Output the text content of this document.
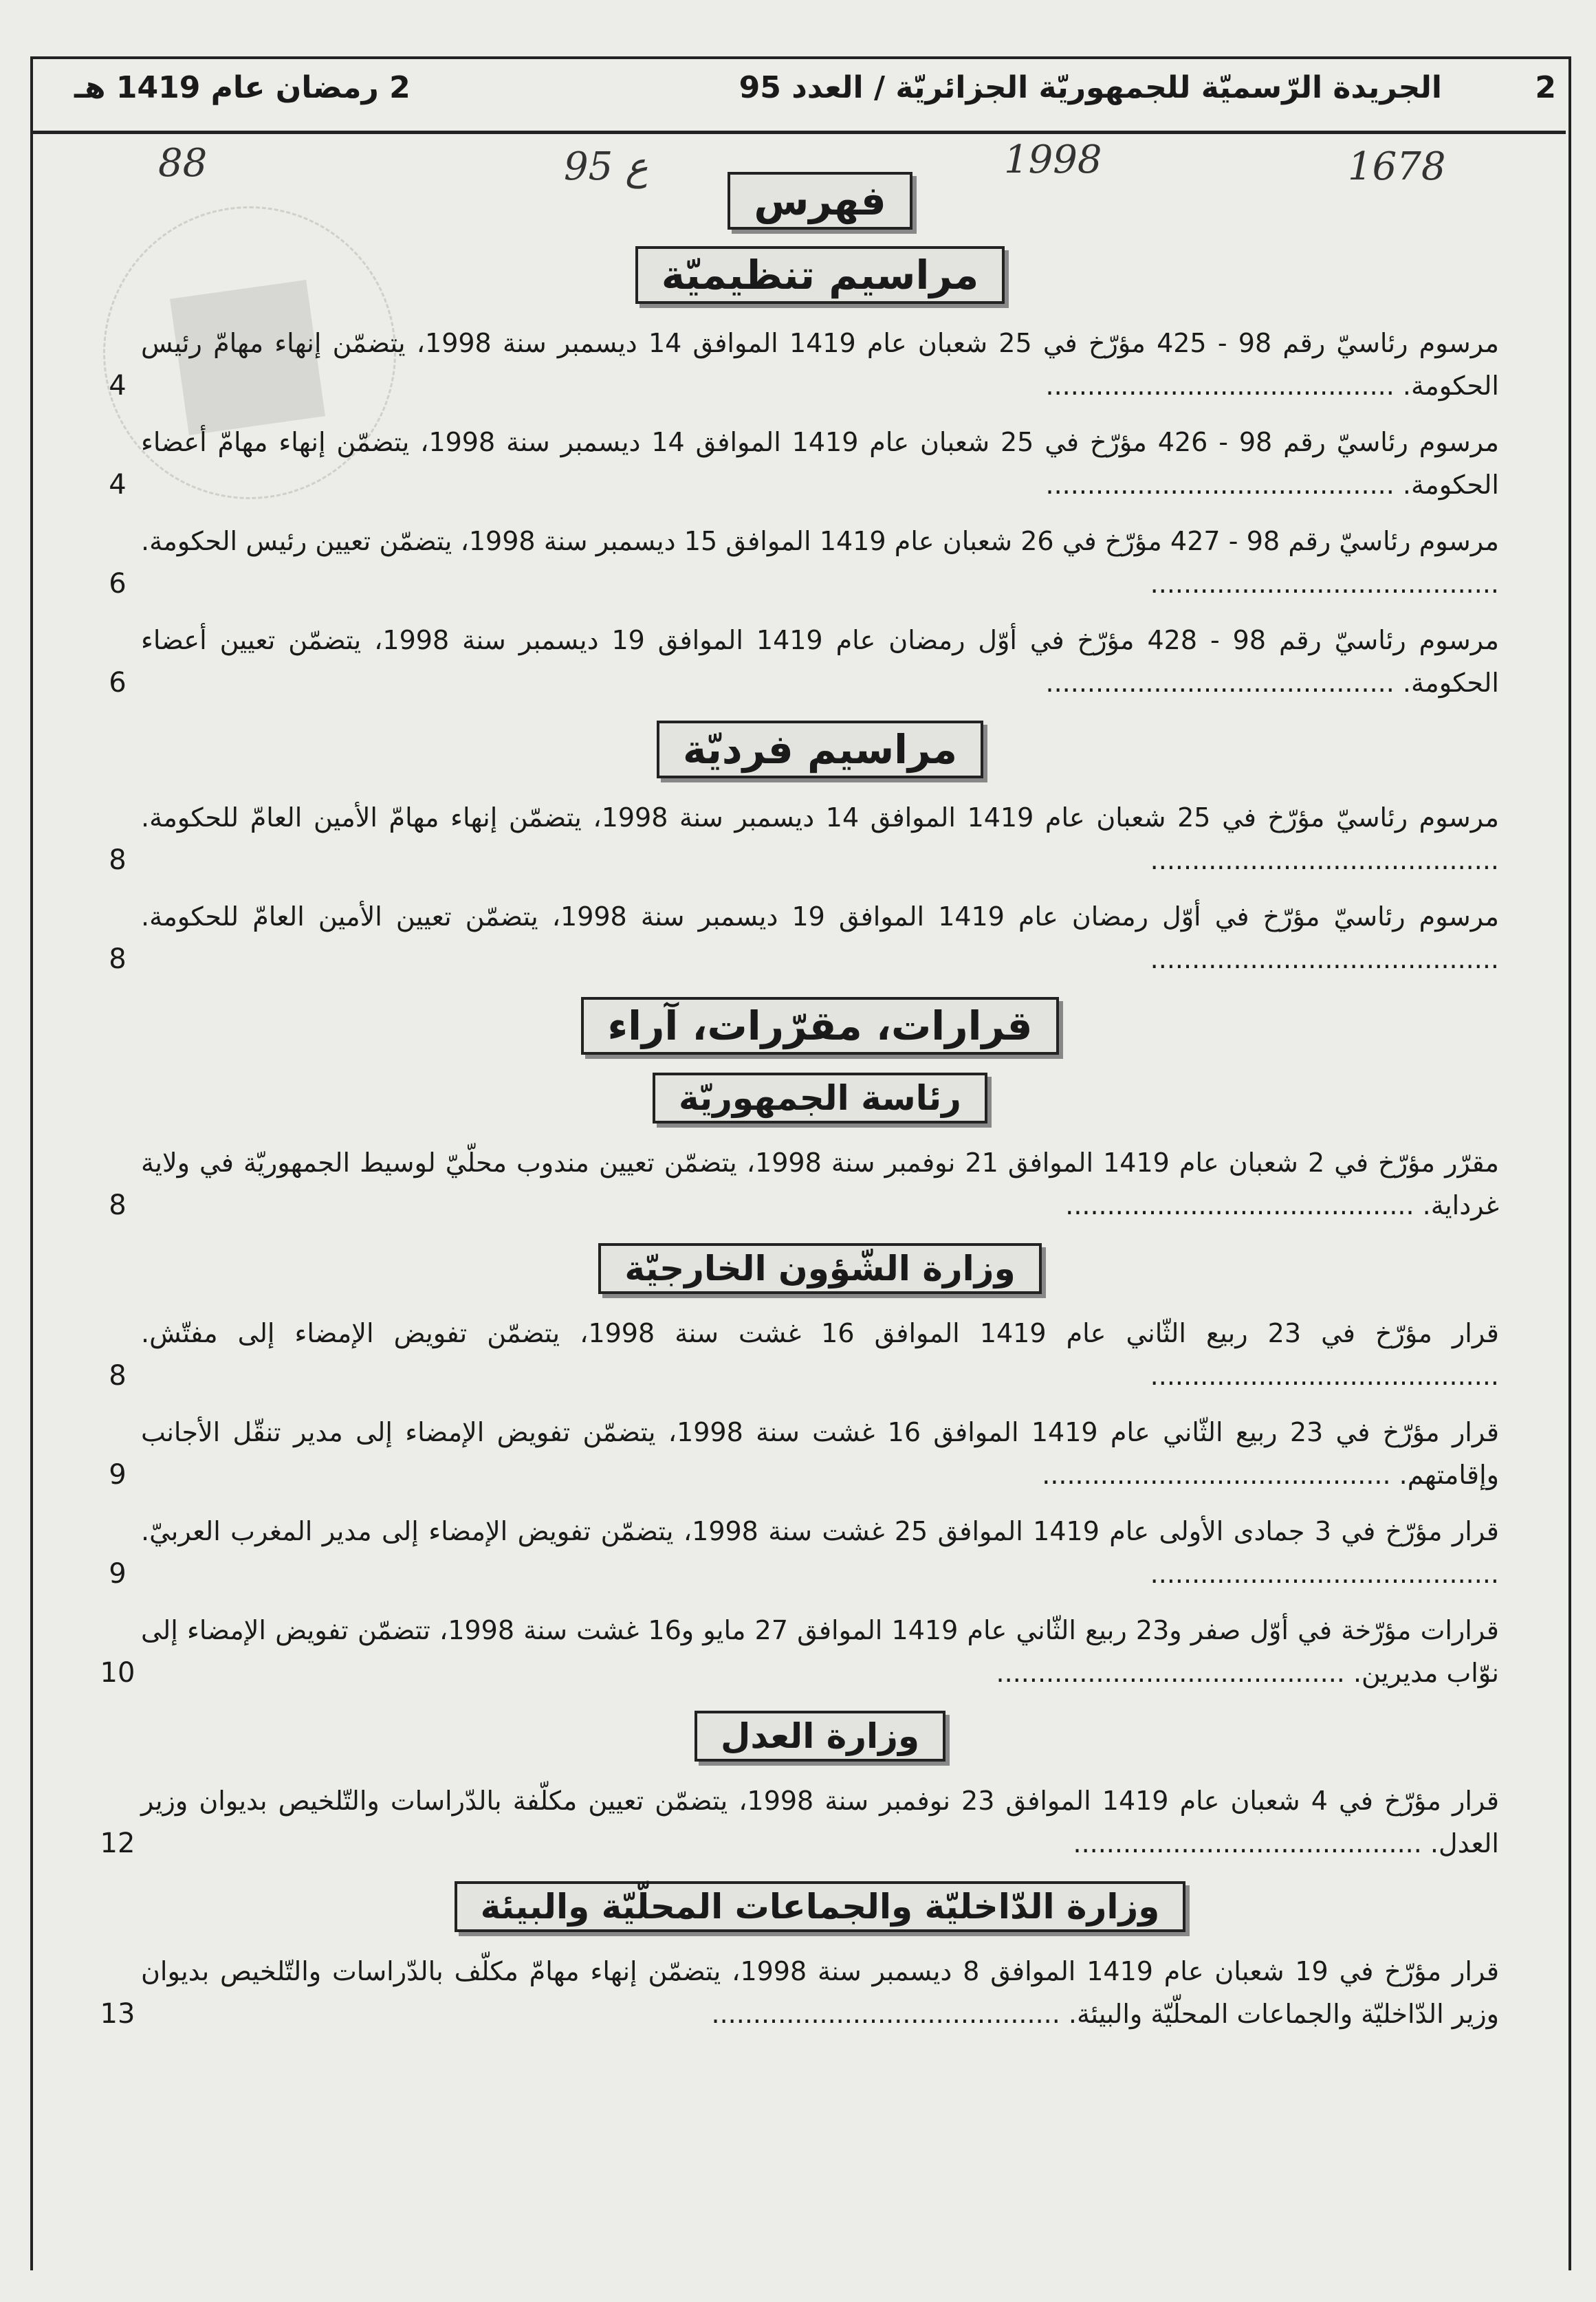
2
الجريدة الرّسميّة للجمهوريّة الجزائريّة / العدد 95
2 رمضان عام 1419 هـ
1678
1998
ع 95
88
فهرس
مراسيم تنظيميّة
مرسوم رئاسيّ رقم 98 - 425 مؤرّخ في 25 شعبان عام 1419 الموافق 14 ديسمبر سنة 1998، يتضمّن إنهاء مهامّ رئيس الحكومة. ..........................................
4
مرسوم رئاسيّ رقم 98 - 426 مؤرّخ في 25 شعبان عام 1419 الموافق 14 ديسمبر سنة 1998، يتضمّن إنهاء مهامّ أعضاء الحكومة. ..........................................
4
مرسوم رئاسيّ رقم 98 - 427 مؤرّخ في 26 شعبان عام 1419 الموافق 15 ديسمبر سنة 1998، يتضمّن تعيين رئيس الحكومة. ..........................................
6
مرسوم رئاسيّ رقم 98 - 428 مؤرّخ في أوّل رمضان عام 1419 الموافق 19 ديسمبر سنة 1998، يتضمّن تعيين أعضاء الحكومة. ..........................................
6
مراسيم فرديّة
مرسوم رئاسيّ مؤرّخ في 25 شعبان عام 1419 الموافق 14 ديسمبر سنة 1998، يتضمّن إنهاء مهامّ الأمين العامّ للحكومة. ..........................................
8
مرسوم رئاسيّ مؤرّخ في أوّل رمضان عام 1419 الموافق 19 ديسمبر سنة 1998، يتضمّن تعيين الأمين العامّ للحكومة. ..........................................
8
قرارات، مقرّرات، آراء
رئاسة الجمهوريّة
مقرّر مؤرّخ في 2 شعبان عام 1419 الموافق 21 نوفمبر سنة 1998، يتضمّن تعيين مندوب محلّيّ لوسيط الجمهوريّة في ولاية غرداية. ..........................................
8
وزارة الشّؤون الخارجيّة
قرار مؤرّخ في 23 ربيع الثّاني عام 1419 الموافق 16 غشت سنة 1998، يتضمّن تفويض الإمضاء إلى مفتّش. ..........................................
8
قرار مؤرّخ في 23 ربيع الثّاني عام 1419 الموافق 16 غشت سنة 1998، يتضمّن تفويض الإمضاء إلى مدير تنقّل الأجانب وإقامتهم. ..........................................
9
قرار مؤرّخ في 3 جمادى الأولى عام 1419 الموافق 25 غشت سنة 1998، يتضمّن تفويض الإمضاء إلى مدير المغرب العربيّ. ..........................................
9
قرارات مؤرّخة في أوّل صفر و23 ربيع الثّاني عام 1419 الموافق 27 مايو و16 غشت سنة 1998، تتضمّن تفويض الإمضاء إلى نوّاب مديرين. ..........................................
10
وزارة العدل
قرار مؤرّخ في 4 شعبان عام 1419 الموافق 23 نوفمبر سنة 1998، يتضمّن تعيين مكلّفة بالدّراسات والتّلخيص بديوان وزير العدل. ..........................................
12
وزارة الدّاخليّة والجماعات المحلّيّة والبيئة
قرار مؤرّخ في 19 شعبان عام 1419 الموافق 8 ديسمبر سنة 1998، يتضمّن إنهاء مهامّ مكلّف بالدّراسات والتّلخيص بديوان وزير الدّاخليّة والجماعات المحلّيّة والبيئة. ..........................................
13
